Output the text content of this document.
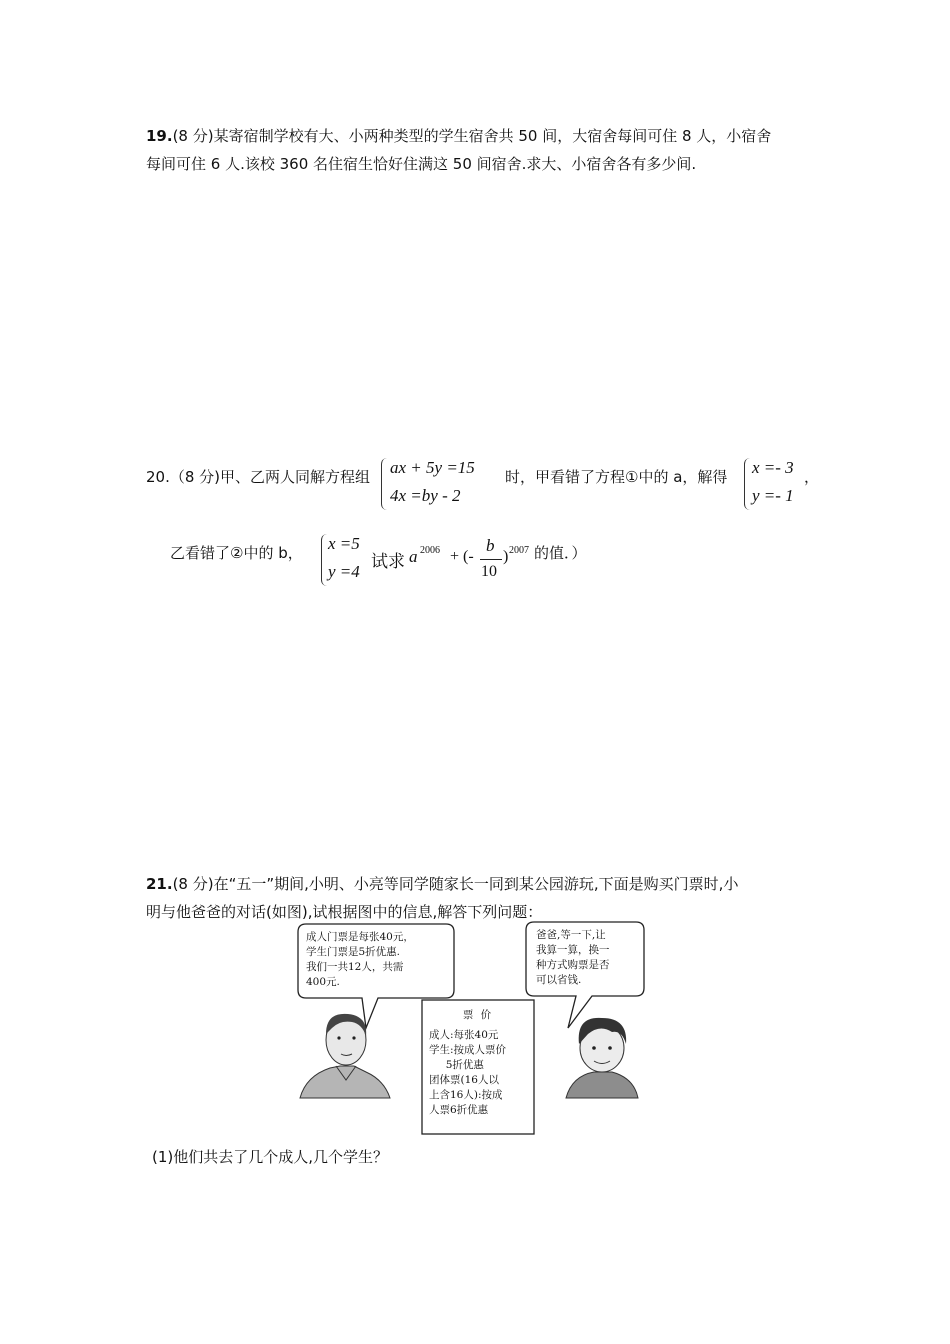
19.(8 分)某寄宿制学校有大、小两种类型的学生宿舍共 50 间，大宿舍每间可住 8 人，小宿舍
每间可住 6 人.该校 360 名住宿生恰好住满这 50 间宿舍.求大、小宿舍各有多少间.
20.（8 分)甲、乙两人同解方程组 ax + 5y =15
4x =by - 2
时，甲看错了方程①中的 a，解得 x =- 3
y =- 1
，
乙看错了②中的 b， x =5
y =4 试求 a 2006 + (-
b
10
) 2007 的值．）
21.(8 分)在“五一”期间,小明、小亮等同学随家长一同到某公园游玩,下面是购买门票时,小
明与他爸爸的对话(如图),试根据图中的信息,解答下列问题：
成人门票是每张40元，
学生门票是5折优惠.
我们一共12人，共需
400元.
爸爸,等一下,让
我算一算，换一
种方式购票是否
可以省钱.
票 价
成人:每张40元
学生:按成人票价
5折优惠
团体票(16人以
上含16人):按成
人票6折优惠
(1)他们共去了几个成人,几个学生？
